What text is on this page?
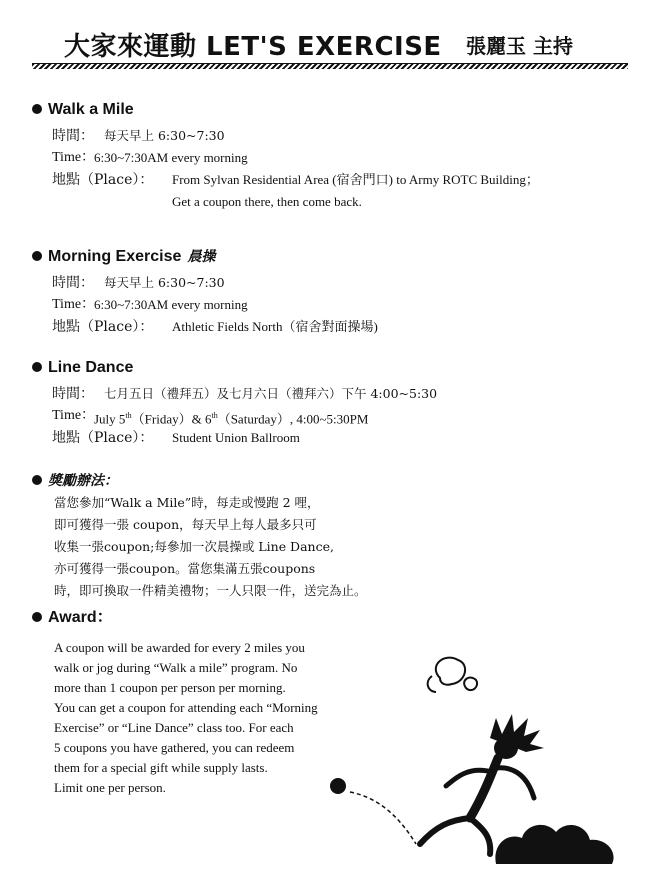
大家來運動 LET'S EXERCISE 張麗玉 主持
Walk a Mile
時間： 每天早上 6:30~7:30
Time：
6:30~7:30AM every morning
地點（Place）： From Sylvan Residential Area (宿舍門口) to Army ROTC Building；
Get a coupon there, then come back.
Morning Exercise 晨操
時間： 每天早上 6:30~7:30
Time：
6:30~7:30AM every morning
地點（Place）： Athletic Fields North（宿舍對面操場)
Line Dance
時間： 七月五日（禮拜五）及七月六日（禮拜六）下午 4:00~5:30
Time：
July 5th（Friday）& 6th（Saturday）, 4:00~5:30PM
地點（Place）： Student Union Ballroom
獎勵辦法：
當您參加“Walk a Mile”時，每走或慢跑 2 哩，
即可獲得一張 coupon，每天早上每人最多只可
收集一張coupon;每參加一次晨操或 Line Dance,
亦可獲得一張coupon。當您集滿五張coupons
時，即可換取一件精美禮物；一人只限一件，送完為止。
Award：
A coupon will be awarded for every 2 miles you
walk or jog during “Walk a mile” program. No
more than 1 coupon per person per morning.
You can get a coupon for attending each “Morning
Exercise” or “Line Dance” class too. For each
5 coupons you have gathered, you can redeem
them for a special gift while supply lasts.
Limit one per person.
